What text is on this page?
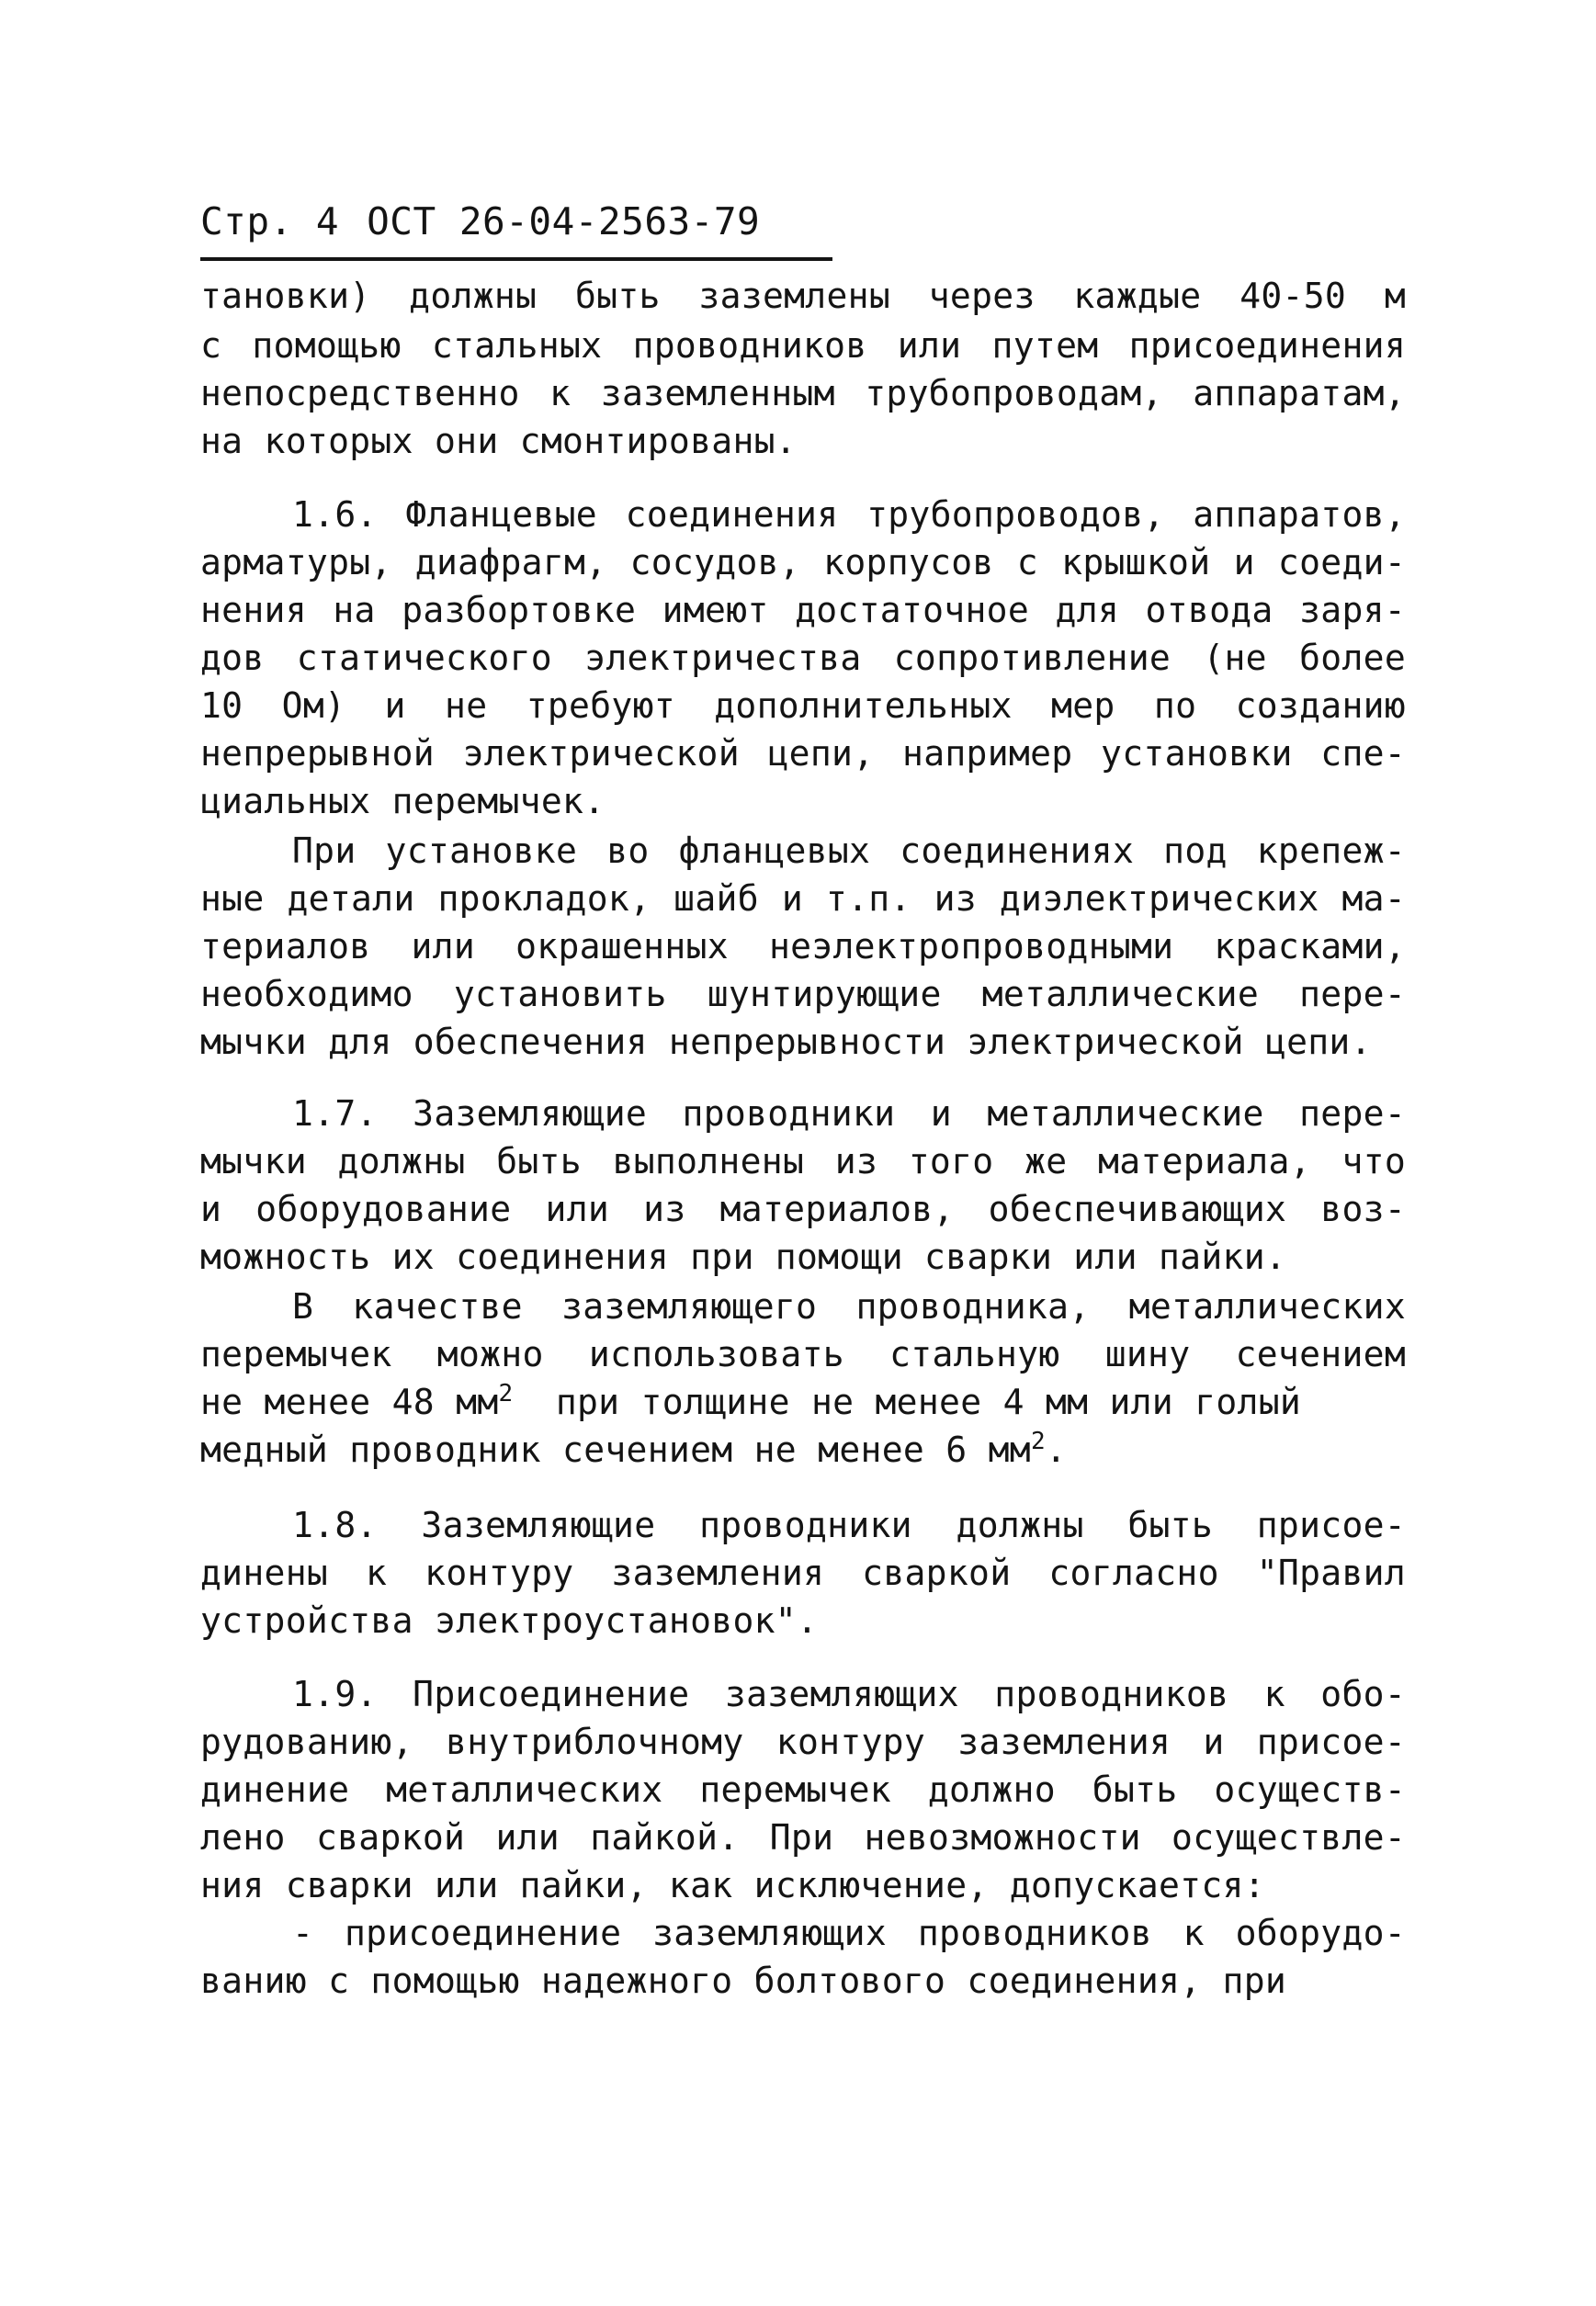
Стр. 4 ОСТ 26-04-2563-79
тановки) должны быть заземлены через каждые 40-50 м
с помощью стальных проводников или путем присоединения
непосредственно к заземленным трубопроводам, аппаратам,
на которых они смонтированы.
1.6. Фланцевые соединения трубопроводов, аппаратов,
арматуры, диафрагм, сосудов, корпусов с крышкой и соеди-
нения на разбортовке имеют достаточное для отвода заря-
дов статического электричества сопротивление (не более
10 Ом) и не требуют дополнительных мер по созданию
непрерывной электрической цепи, например установки спе-
циальных перемычек.
При установке во фланцевых соединениях под крепеж-
ные детали прокладок, шайб и т.п. из диэлектрических ма-
териалов или окрашенных неэлектропроводными красками,
необходимо установить шунтирующие металлические пере-
мычки для обеспечения непрерывности электрической цепи.
1.7. Заземляющие проводники и металлические пере-
мычки должны быть выполнены из того же материала, что
и оборудование или из материалов, обеспечивающих воз-
можность их соединения при помощи сварки или пайки.
В качестве заземляющего проводника, металлических
перемычек можно использовать стальную шину сечением
не менее 48 $мм^2$ при толщине не менее 4 мм или голый
медный проводник сечением не менее 6 $мм^2$.
1.8. Заземляющие проводники должны быть присое-
динены к контуру заземления сваркой согласно "Правил
устройства электроустановок".
1.9. Присоединение заземляющих проводников к обо-
рудованию, внутриблочному контуру заземления и присое-
динение металлических перемычек должно быть осуществ-
лено сваркой или пайкой. При невозможности осуществле-
ния сварки или пайки, как исключение, допускается:
- присоединение заземляющих проводников к оборудо-
ванию с помощью надежного болтового соединения, при
